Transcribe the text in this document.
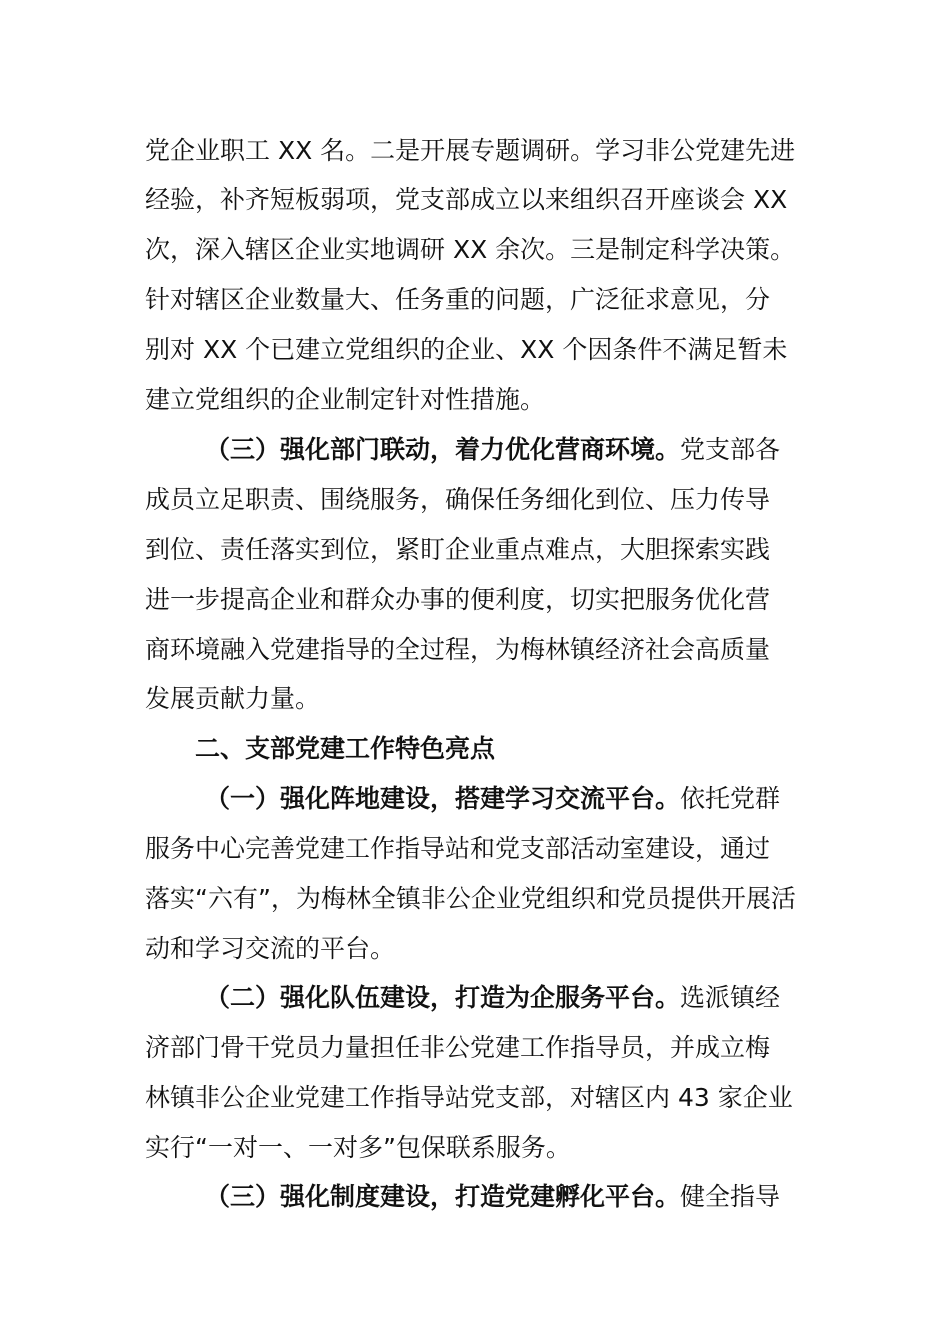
党企业职工 XX 名。二是开展专题调研。学习非公党建先进
经验，补齐短板弱项，党支部成立以来组织召开座谈会 XX
次，深入辖区企业实地调研 XX 余次。三是制定科学决策。
针对辖区企业数量大、任务重的问题，广泛征求意见，分
别对 XX 个已建立党组织的企业、XX 个因条件不满足暂未
建立党组织的企业制定针对性措施。
（三）强化部门联动，着力优化营商环境。党支部各
成员立足职责、围绕服务，确保任务细化到位、压力传导
到位、责任落实到位，紧盯企业重点难点，大胆探索实践
进一步提高企业和群众办事的便利度，切实把服务优化营
商环境融入党建指导的全过程，为梅林镇经济社会高质量
发展贡献力量。
二、支部党建工作特色亮点
（一）强化阵地建设，搭建学习交流平台。依托党群
服务中心完善党建工作指导站和党支部活动室建设，通过
落实“六有”，为梅林全镇非公企业党组织和党员提供开展活
动和学习交流的平台。
（二）强化队伍建设，打造为企服务平台。选派镇经
济部门骨干党员力量担任非公党建工作指导员，并成立梅
林镇非公企业党建工作指导站党支部，对辖区内 43 家企业
实行“一对一、一对多”包保联系服务。
（三）强化制度建设，打造党建孵化平台。健全指导
